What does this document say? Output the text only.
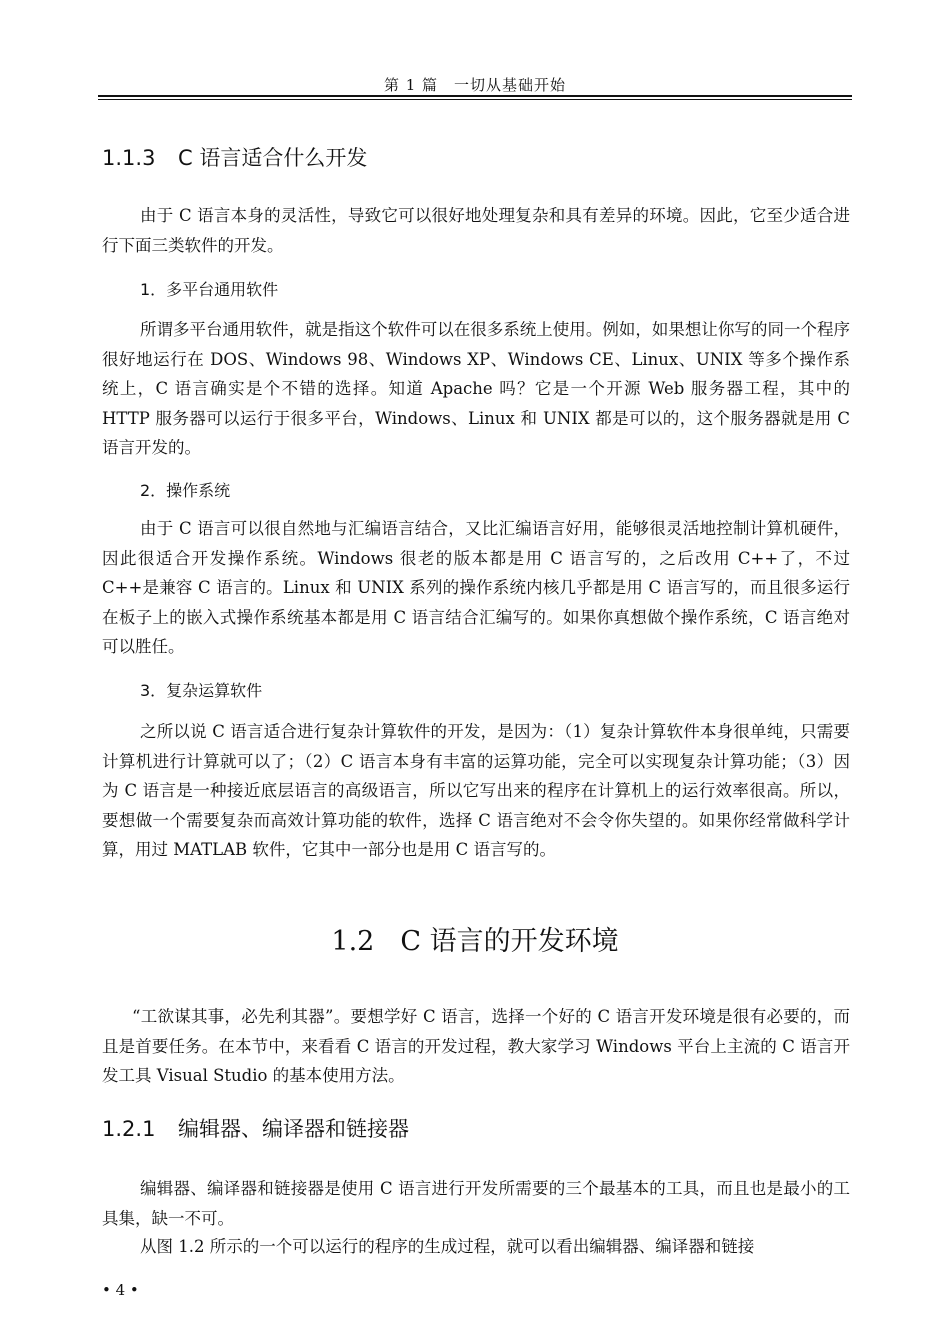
第 1 篇　一切从基础开始
1.1.3 C 语言适合什么开发

由于 C 语言本身的灵活性，导致它可以很好地处理复杂和具有差异的环境。因此，它至少适合进行下面三类软件的开发。

1．多平台通用软件

所谓多平台通用软件，就是指这个软件可以在很多系统上使用。例如，如果想让你写的同一个程序很好地运行在 DOS、Windows 98、Windows XP、Windows CE、Linux、UNIX 等多个操作系统上，C 语言确实是个不错的选择。知道 Apache 吗？它是一个开源 Web 服务器工程，其中的 HTTP 服务器可以运行于很多平台，Windows、Linux 和 UNIX 都是可以的，这个服务器就是用 C 语言开发的。

2．操作系统

由于 C 语言可以很自然地与汇编语言结合，又比汇编语言好用，能够很灵活地控制计算机硬件，因此很适合开发操作系统。Windows 很老的版本都是用 C 语言写的，之后改用 C++了，不过 C++是兼容 C 语言的。Linux 和 UNIX 系列的操作系统内核几乎都是用 C 语言写的，而且很多运行在板子上的嵌入式操作系统基本都是用 C 语言结合汇编写的。如果你真想做个操作系统，C 语言绝对可以胜任。

3．复杂运算软件

之所以说 C 语言适合进行复杂计算软件的开发，是因为：（1）复杂计算软件本身很单纯，只需要计算机进行计算就可以了；（2）C 语言本身有丰富的运算功能，完全可以实现复杂计算功能；（3）因为 C 语言是一种接近底层语言的高级语言，所以它写出来的程序在计算机上的运行效率很高。所以，要想做一个需要复杂而高效计算功能的软件，选择 C 语言绝对不会令你失望的。如果你经常做科学计算，用过 MATLAB 软件，它其中一部分也是用 C 语言写的。

1.2 C 语言的开发环境

“工欲谋其事，必先利其器”。要想学好 C 语言，选择一个好的 C 语言开发环境是很有必要的，而且是首要任务。在本节中，来看看 C 语言的开发过程，教大家学习 Windows 平台上主流的 C 语言开发工具 Visual Studio 的基本使用方法。

1.2.1 编辑器、编译器和链接器

编辑器、编译器和链接器是使用 C 语言进行开发所需要的三个最基本的工具，而且也是最小的工具集，缺一不可。

从图 1.2 所示的一个可以运行的程序的生成过程，就可以看出编辑器、编译器和链接

• 4 •
